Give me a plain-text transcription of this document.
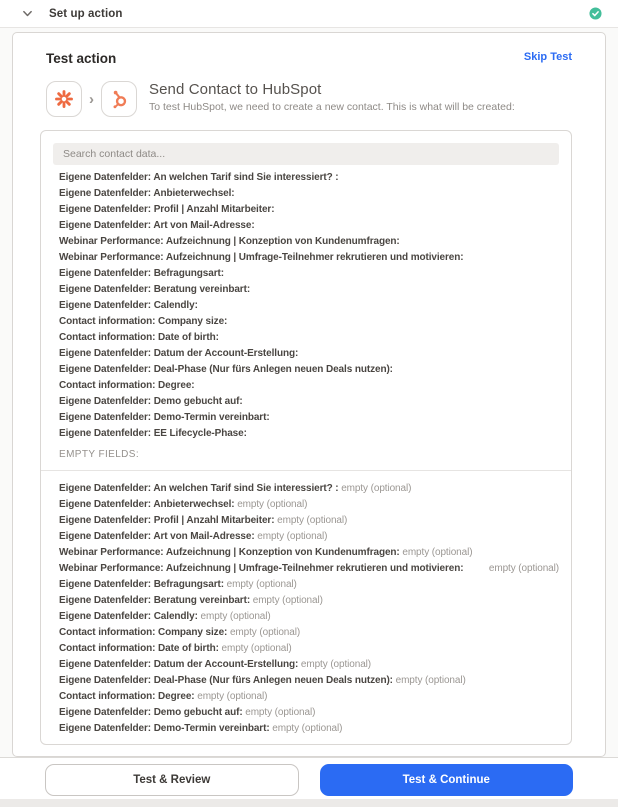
Set up action
Test action	Skip Test
›
Send Contact to HubSpot
To test HubSpot, we need to create a new contact. This is what will be created:
Search contact data...
Eigene Datenfelder: An welchen Tarif sind Sie interessiert? :
Eigene Datenfelder: Anbieterwechsel:
Eigene Datenfelder: Profil | Anzahl Mitarbeiter:
Eigene Datenfelder: Art von Mail-Adresse:
Webinar Performance: Aufzeichnung | Konzeption von Kundenumfragen:
Webinar Performance: Aufzeichnung | Umfrage-Teilnehmer rekrutieren und motivieren:
Eigene Datenfelder: Befragungsart:
Eigene Datenfelder: Beratung vereinbart:
Eigene Datenfelder: Calendly:
Contact information: Company size:
Contact information: Date of birth:
Eigene Datenfelder: Datum der Account-Erstellung:
Eigene Datenfelder: Deal-Phase (Nur fürs Anlegen neuen Deals nutzen):
Contact information: Degree:
Eigene Datenfelder: Demo gebucht auf:
Eigene Datenfelder: Demo-Termin vereinbart:
Eigene Datenfelder: EE Lifecycle-Phase:
EMPTY FIELDS:
Eigene Datenfelder: An welchen Tarif sind Sie interessiert? : empty (optional)
Eigene Datenfelder: Anbieterwechsel: empty (optional)
Eigene Datenfelder: Profil | Anzahl Mitarbeiter: empty (optional)
Eigene Datenfelder: Art von Mail-Adresse: empty (optional)
Webinar Performance: Aufzeichnung | Konzeption von Kundenumfragen: empty (optional)
Webinar Performance: Aufzeichnung | Umfrage-Teilnehmer rekrutieren und motivieren:	empty (optional)
Eigene Datenfelder: Befragungsart: empty (optional)
Eigene Datenfelder: Beratung vereinbart: empty (optional)
Eigene Datenfelder: Calendly: empty (optional)
Contact information: Company size: empty (optional)
Contact information: Date of birth: empty (optional)
Eigene Datenfelder: Datum der Account-Erstellung: empty (optional)
Eigene Datenfelder: Deal-Phase (Nur fürs Anlegen neuen Deals nutzen): empty (optional)
Contact information: Degree: empty (optional)
Eigene Datenfelder: Demo gebucht auf: empty (optional)
Eigene Datenfelder: Demo-Termin vereinbart: empty (optional)
Test & Review	Test & Continue
